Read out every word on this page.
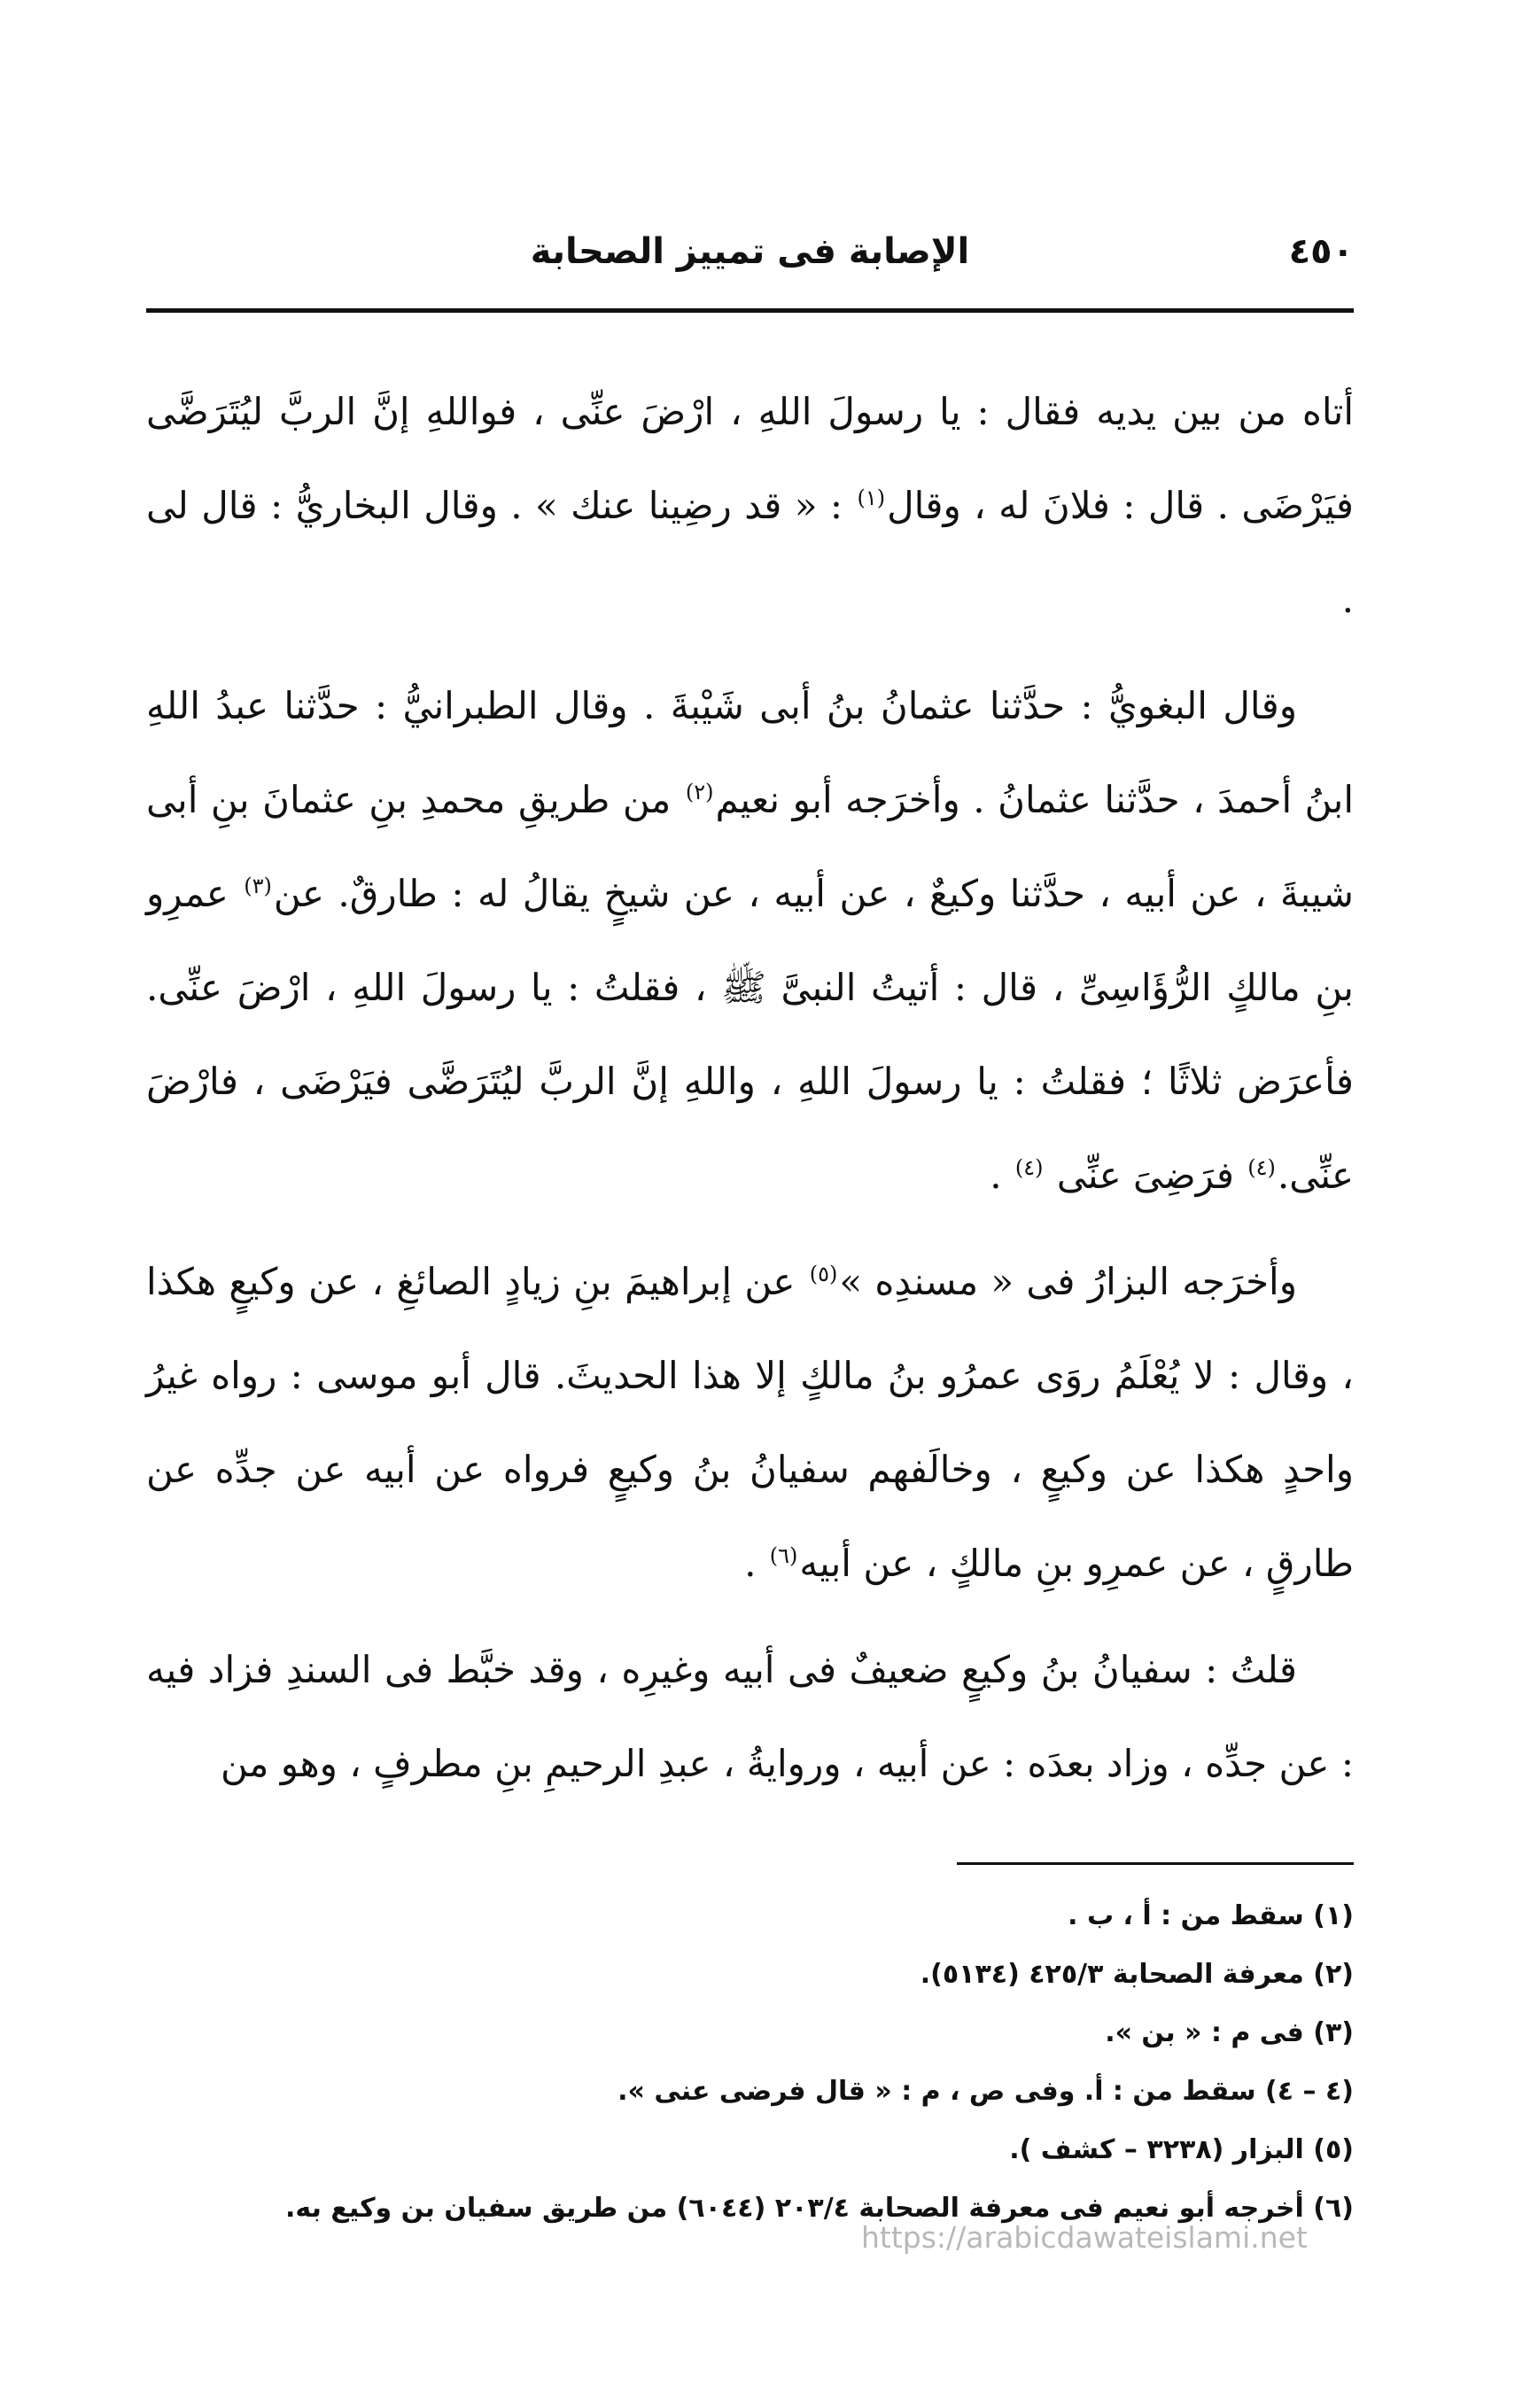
٤٥٠
الإصابة فى تمييز الصحابة

أتاه من بين يديه فقال : يا رسولَ اللهِ ، ارْضَ عنِّى ، فواللهِ إنَّ الربَّ ليُتَرَضَّى فيَرْضَى . قال : فلانَ له ، وقال$^{(١)}$ : « قد رضِينا عنك » . وقال البخاريُّ : قال لى .

وقال البغويُّ : حدَّثنا عثمانُ بنُ أبى شَيْبةَ . وقال الطبرانيُّ : حدَّثنا عبدُ اللهِ ابنُ أحمدَ ، حدَّثنا عثمانُ . وأخرَجه أبو نعيم$^{(٢)}$ من طريقِ محمدِ بنِ عثمانَ بنِ أبى شيبةَ ، عن أبيه ، حدَّثنا وكيعٌ ، عن أبيه ، عن شيخٍ يقالُ له : طارقٌ. عن$^{(٣)}$ عمرِو بنِ مالكٍ الرُّؤَاسِىِّ ، قال : أتيتُ النبىَّ ﷺ ، فقلتُ : يا رسولَ اللهِ ، ارْضَ عنِّى. فأعرَض ثلاثًا ؛ فقلتُ : يا رسولَ اللهِ ، واللهِ إنَّ الربَّ ليُتَرَضَّى فيَرْضَى ، فارْضَ عنِّى.$^{(٤)}$ فرَضِىَ عنِّى $^{(٤)}$ .

وأخرَجه البزارُ فى « مسندِه »$^{(٥)}$ عن إبراهيمَ بنِ زيادٍ الصائغِ ، عن وكيعٍ هكذا ، وقال : لا يُعْلَمُ روَى عمرُو بنُ مالكٍ إلا هذا الحديثَ. قال أبو موسى : رواه غيرُ واحدٍ هكذا عن وكيعٍ ، وخالَفهم سفيانُ بنُ وكيعٍ فرواه عن أبيه عن جدِّه عن طارقٍ ، عن عمرِو بنِ مالكٍ ، عن أبيه$^{(٦)}$ .

قلتُ : سفيانُ بنُ وكيعٍ ضعيفٌ فى أبيه وغيرِه ، وقد خبَّط فى السندِ فزاد فيه : عن جدِّه ، وزاد بعدَه : عن أبيه ، وروايةُ ، عبدِ الرحيمِ بنِ مطرفٍ ، وهو من

(١) سقط من : أ ، ب .

(٢) معرفة الصحابة ٤٢٥/٣ (٥١٣٤).

(٣) فى م : « بن ».

(٤ – ٤) سقط من : أ. وفى ص ، م : « قال فرضى عنى ».

(٥) البزار (٣٢٣٨ – كشف ).

(٦) أخرجه أبو نعيم فى معرفة الصحابة ٢٠٣/٤ (٦٠٤٤) من طريق سفيان بن وكيع به.

https://arabicdawateislami.net
